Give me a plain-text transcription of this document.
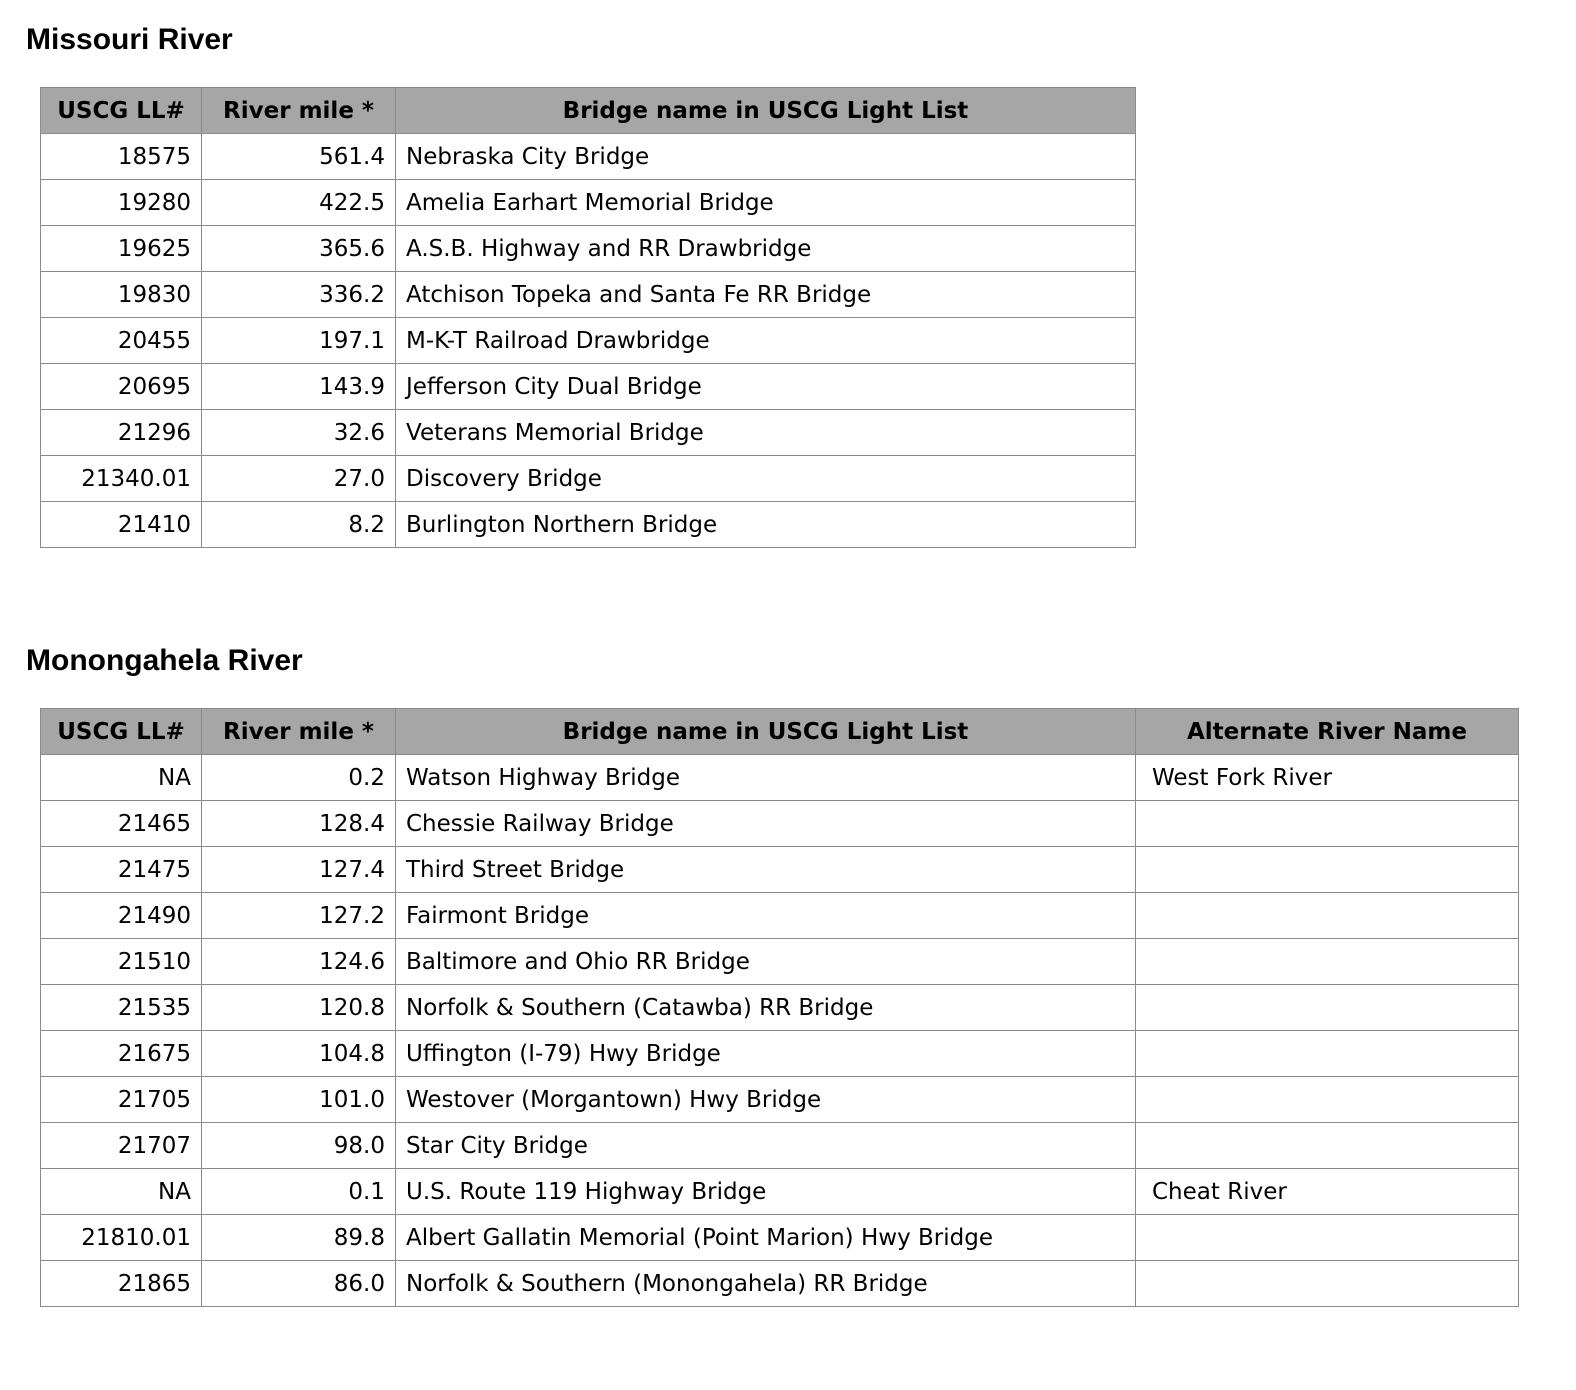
Missouri River
USCG LL#	River mile *	Bridge name in USCG Light List
18575	561.4	Nebraska City Bridge
19280	422.5	Amelia Earhart Memorial Bridge
19625	365.6	A.S.B. Highway and RR Drawbridge
19830	336.2	Atchison Topeka and Santa Fe RR Bridge
20455	197.1	M-K-T Railroad Drawbridge
20695	143.9	Jefferson City Dual Bridge
21296	32.6	Veterans Memorial Bridge
21340.01	27.0	Discovery Bridge
21410	8.2	Burlington Northern Bridge
Monongahela River
USCG LL#	River mile *	Bridge name in USCG Light List	Alternate River Name
NA	0.2	Watson Highway Bridge	West Fork River
21465	128.4	Chessie Railway Bridge	
21475	127.4	Third Street Bridge	
21490	127.2	Fairmont Bridge	
21510	124.6	Baltimore and Ohio RR Bridge	
21535	120.8	Norfolk & Southern (Catawba) RR Bridge	
21675	104.8	Uffington (I-79) Hwy Bridge	
21705	101.0	Westover (Morgantown) Hwy Bridge	
21707	98.0	Star City Bridge	
NA	0.1	U.S. Route 119 Highway Bridge	Cheat River
21810.01	89.8	Albert Gallatin Memorial (Point Marion) Hwy Bridge	
21865	86.0	Norfolk & Southern (Monongahela) RR Bridge	
